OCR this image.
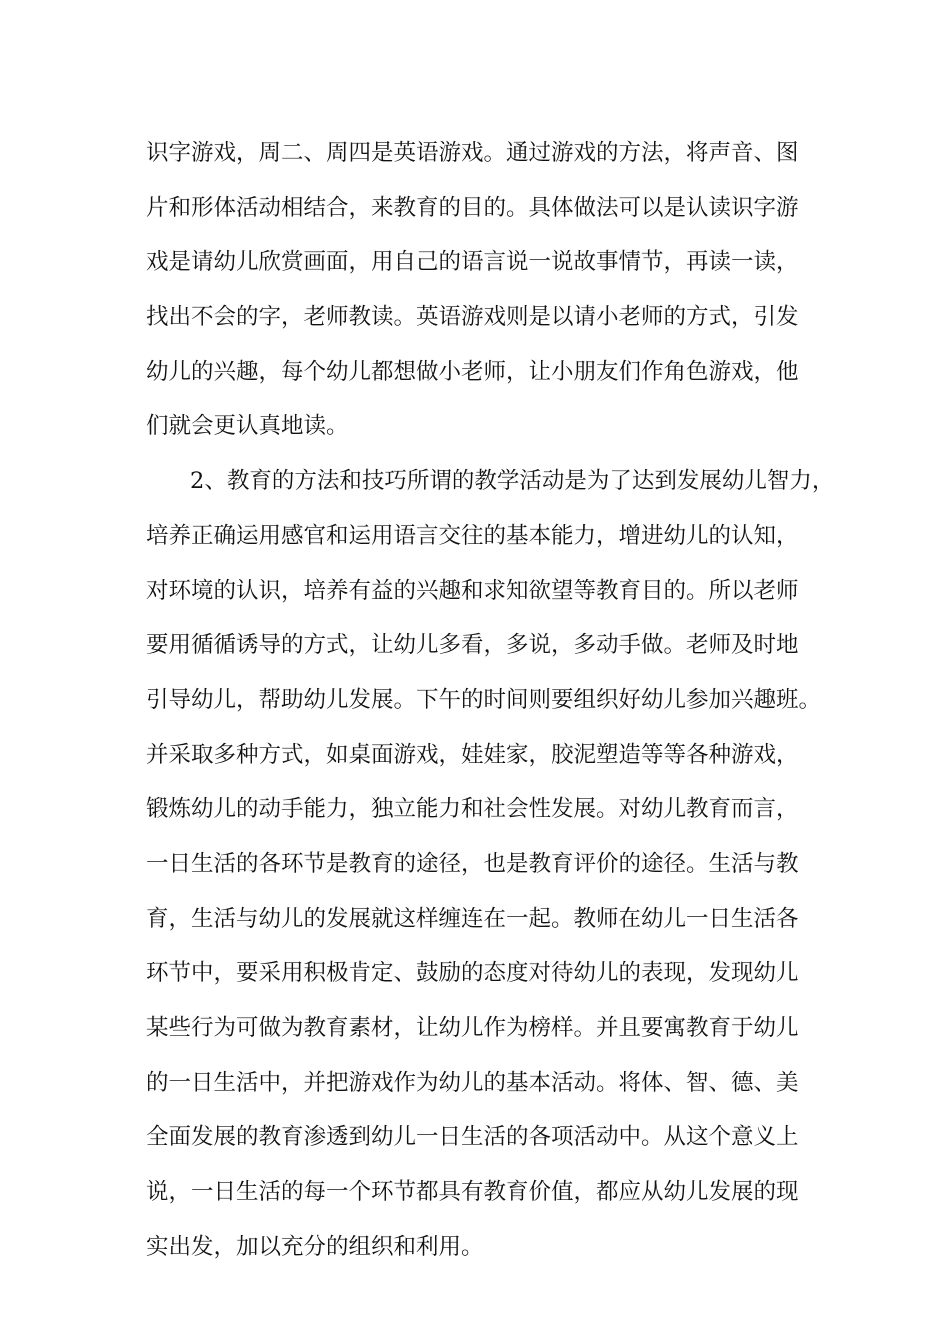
识字游戏，周二、周四是英语游戏。通过游戏的方法，将声音、图
片和形体活动相结合，来教育的目的。具体做法可以是认读识字游
戏是请幼儿欣赏画面，用自己的语言说一说故事情节，再读一读，
找出不会的字，老师教读。英语游戏则是以请小老师的方式，引发
幼儿的兴趣，每个幼儿都想做小老师，让小朋友们作角色游戏，他
们就会更认真地读。
2、教育的方法和技巧所谓的教学活动是为了达到发展幼儿智力，
培养正确运用感官和运用语言交往的基本能力，增进幼儿的认知，
对环境的认识，培养有益的兴趣和求知欲望等教育目的。所以老师
要用循循诱导的方式，让幼儿多看，多说，多动手做。老师及时地
引导幼儿，帮助幼儿发展。下午的时间则要组织好幼儿参加兴趣班。
并采取多种方式，如桌面游戏，娃娃家，胶泥塑造等等各种游戏，
锻炼幼儿的动手能力，独立能力和社会性发展。对幼儿教育而言，
一日生活的各环节是教育的途径，也是教育评价的途径。生活与教
育，生活与幼儿的发展就这样缠连在一起。教师在幼儿一日生活各
环节中，要采用积极肯定、鼓励的态度对待幼儿的表现，发现幼儿
某些行为可做为教育素材，让幼儿作为榜样。并且要寓教育于幼儿
的一日生活中，并把游戏作为幼儿的基本活动。将体、智、德、美
全面发展的教育渗透到幼儿一日生活的各项活动中。从这个意义上
说，一日生活的每一个环节都具有教育价值，都应从幼儿发展的现
实出发，加以充分的组织和利用。
